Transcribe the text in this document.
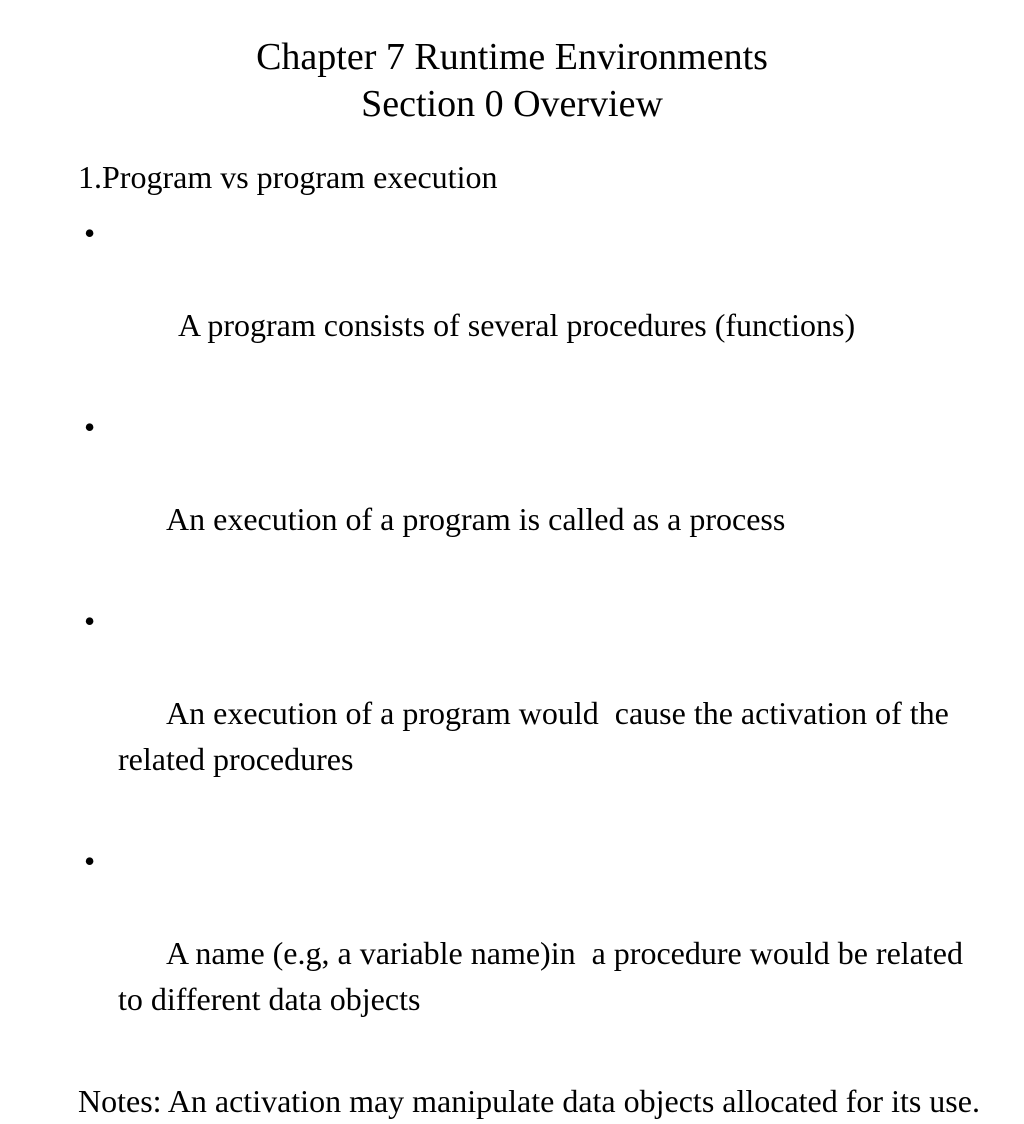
Chapter 7 Runtime Environments
Section 0 Overview

1.Program vs program execution

•

A program consists of several procedures (functions)

•

An execution of a program is called as a process

•

An execution of a program would  cause the activation of the related procedures

•

A name (e.g, a variable name)in  a procedure would be related to different data objects

Notes: An activation may manipulate data objects allocated for its use.
